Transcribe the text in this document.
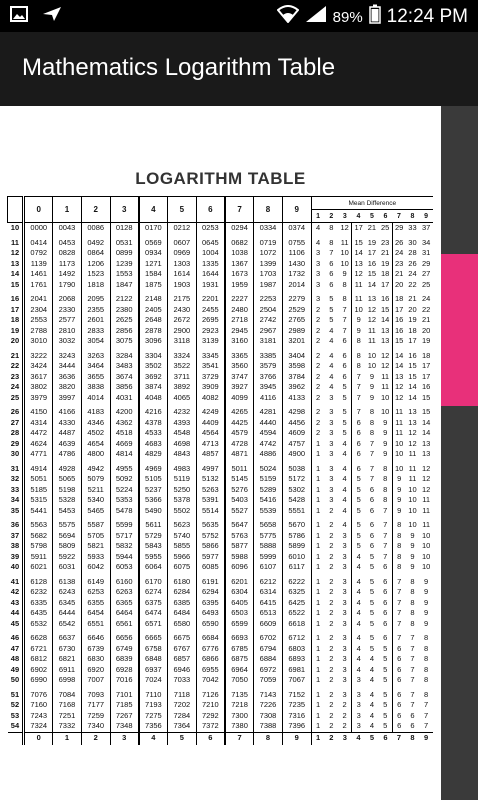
89% 12:24 PM
Mathematics Logarithm Table
LOGARITHM TABLE
	0	1	2	3	4	5	6	7	8	9	Mean Difference								
											1	2	3	4	5	6	7	8	9
10	0000	0043	0086	0128	0170	0212	0253	0294	0334	0374	4	8	12	17	21	25	29	33	37
11	0414	0453	0492	0531	0569	0607	0645	0682	0719	0755	4	8	11	15	19	23	26	30	34
12	0792	0828	0864	0899	0934	0969	1004	1038	1072	1106	3	7	10	14	17	21	24	28	31
13	1139	1173	1206	1239	1271	1303	1335	1367	1399	1430	3	6	10	13	16	19	23	26	29
14	1461	1492	1523	1553	1584	1614	1644	1673	1703	1732	3	6	9	12	15	18	21	24	27
15	1761	1790	1818	1847	1875	1903	1931	1959	1987	2014	3	6	8	11	14	17	20	22	25
16	2041	2068	2095	2122	2148	2175	2201	2227	2253	2279	3	5	8	11	13	16	18	21	24
17	2304	2330	2355	2380	2405	2430	2455	2480	2504	2529	2	5	7	10	12	15	17	20	22
18	2553	2577	2601	2625	2648	2672	2695	2718	2742	2765	2	5	7	9	12	14	16	19	21
19	2788	2810	2833	2856	2878	2900	2923	2945	2967	2989	2	4	7	9	11	13	16	18	20
20	3010	3032	3054	3075	3096	3118	3139	3160	3181	3201	2	4	6	8	11	13	15	17	19
21	3222	3243	3263	3284	3304	3324	3345	3365	3385	3404	2	4	6	8	10	12	14	16	18
22	3424	3444	3464	3483	3502	3522	3541	3560	3579	3598	2	4	6	8	10	12	14	15	17
23	3617	3636	3655	3674	3692	3711	3729	3747	3766	3784	2	4	6	7	9	11	13	15	17
24	3802	3820	3838	3856	3874	3892	3909	3927	3945	3962	2	4	5	7	9	11	12	14	16
25	3979	3997	4014	4031	4048	4065	4082	4099	4116	4133	2	3	5	7	9	10	12	14	15
26	4150	4166	4183	4200	4216	4232	4249	4265	4281	4298	2	3	5	7	8	10	11	13	15
27	4314	4330	4346	4362	4378	4393	4409	4425	4440	4456	2	3	5	6	8	9	11	13	14
28	4472	4487	4502	4518	4533	4548	4564	4579	4594	4609	2	3	5	6	8	9	11	12	14
29	4624	4639	4654	4669	4683	4698	4713	4728	4742	4757	1	3	4	6	7	9	10	12	13
30	4771	4786	4800	4814	4829	4843	4857	4871	4886	4900	1	3	4	6	7	9	10	11	13
31	4914	4928	4942	4955	4969	4983	4997	5011	5024	5038	1	3	4	6	7	8	10	11	12
32	5051	5065	5079	5092	5105	5119	5132	5145	5159	5172	1	3	4	5	7	8	9	11	12
33	5185	5198	5211	5224	5237	5250	5263	5276	5289	5302	1	3	4	5	6	8	9	10	12
34	5315	5328	5340	5353	5366	5378	5391	5403	5416	5428	1	3	4	5	6	8	9	10	11
35	5441	5453	5465	5478	5490	5502	5514	5527	5539	5551	1	2	4	5	6	7	9	10	11
36	5563	5575	5587	5599	5611	5623	5635	5647	5658	5670	1	2	4	5	6	7	8	10	11
37	5682	5694	5705	5717	5729	5740	5752	5763	5775	5786	1	2	3	5	6	7	8	9	10
38	5798	5809	5821	5832	5843	5855	5866	5877	5888	5899	1	2	3	5	6	7	8	9	10
39	5911	5922	5933	5944	5955	5966	5977	5988	5999	6010	1	2	3	4	5	7	8	9	10
40	6021	6031	6042	6053	6064	6075	6085	6096	6107	6117	1	2	3	4	5	6	8	9	10
41	6128	6138	6149	6160	6170	6180	6191	6201	6212	6222	1	2	3	4	5	6	7	8	9
42	6232	6243	6253	6263	6274	6284	6294	6304	6314	6325	1	2	3	4	5	6	7	8	9
43	6335	6345	6355	6365	6375	6385	6395	6405	6415	6425	1	2	3	4	5	6	7	8	9
44	6435	6444	6454	6464	6474	6484	6493	6503	6513	6522	1	2	3	4	5	6	7	8	9
45	6532	6542	6551	6561	6571	6580	6590	6599	6609	6618	1	2	3	4	5	6	7	8	9
46	6628	6637	6646	6656	6665	6675	6684	6693	6702	6712	1	2	3	4	5	6	7	7	8
47	6721	6730	6739	6749	6758	6767	6776	6785	6794	6803	1	2	3	4	5	5	6	7	8
48	6812	6821	6830	6839	6848	6857	6866	6875	6884	6893	1	2	3	4	4	5	6	7	8
49	6902	6911	6920	6928	6937	6946	6955	6964	6972	6981	1	2	3	4	4	5	6	7	8
50	6990	6998	7007	7016	7024	7033	7042	7050	7059	7067	1	2	3	3	4	5	6	7	8
51	7076	7084	7093	7101	7110	7118	7126	7135	7143	7152	1	2	3	3	4	5	6	7	8
52	7160	7168	7177	7185	7193	7202	7210	7218	7226	7235	1	2	2	3	4	5	6	7	7
53	7243	7251	7259	7267	7275	7284	7292	7300	7308	7316	1	2	2	3	4	5	6	6	7
54	7324	7332	7340	7348	7356	7364	7372	7380	7388	7396	1	2	2	3	4	5	6	6	7
	0	1	2	3	4	5	6	7	8	9	1	2	3	4	5	6	7	8	9
